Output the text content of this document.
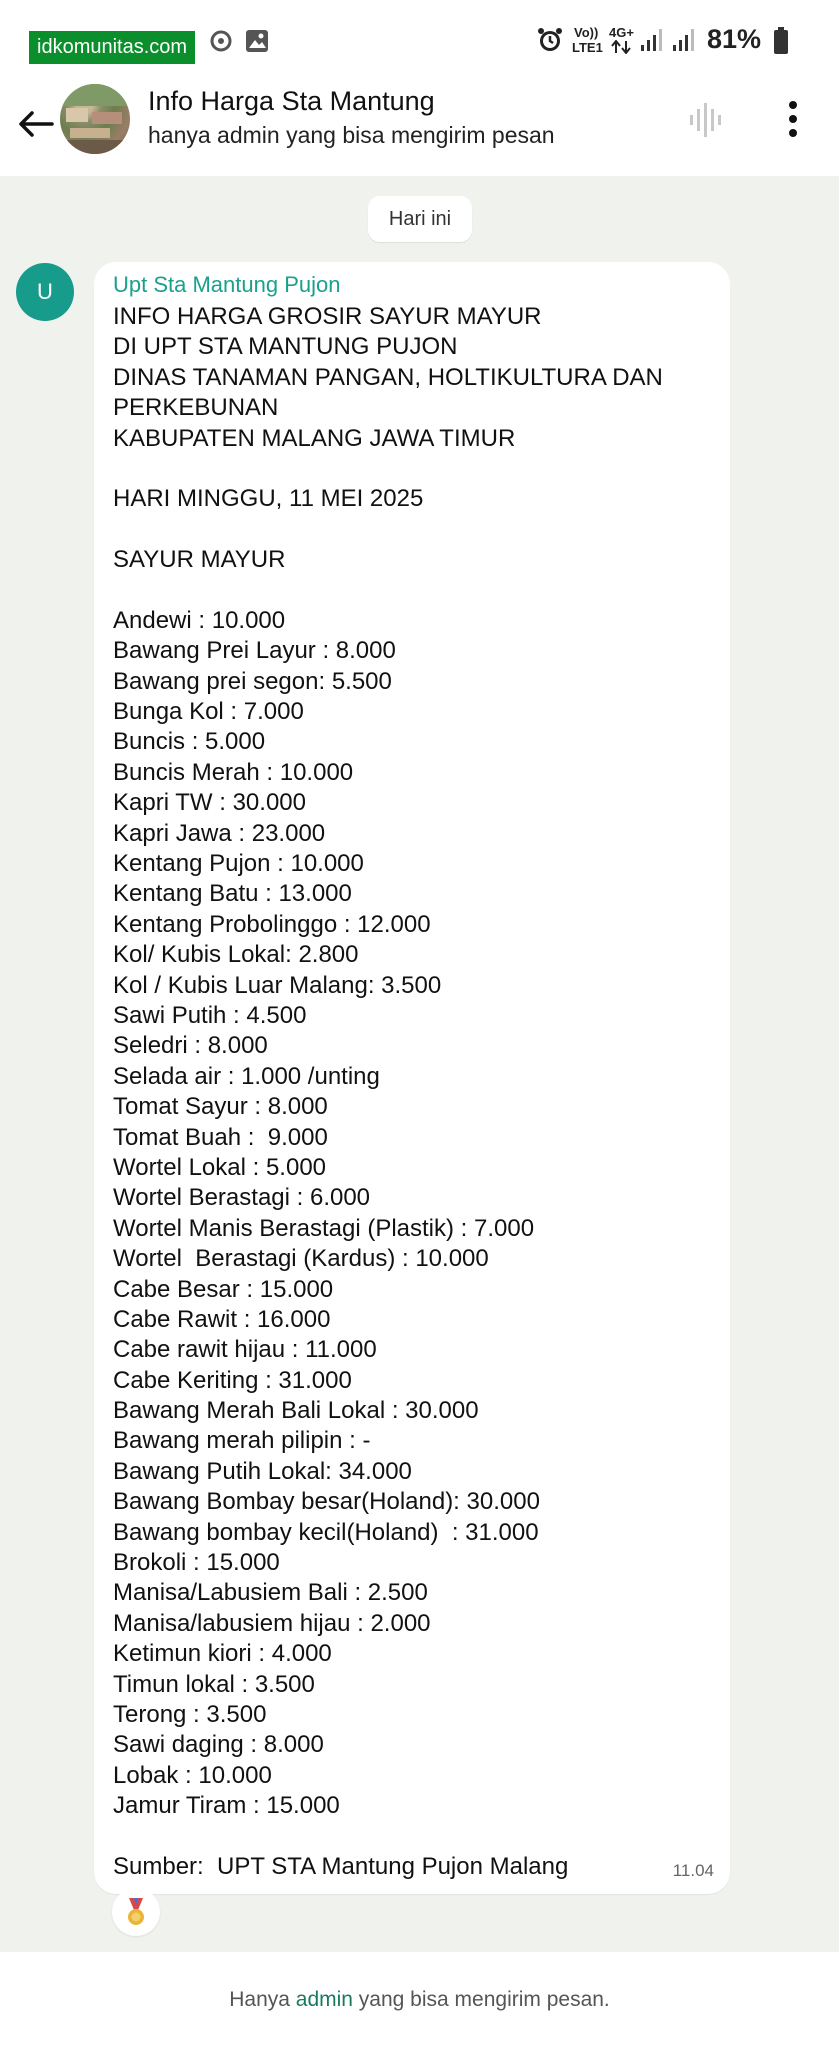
idkomunitas.com
Vo))
LTE1
4G+	81%
Info Harga Sta Mantung
hanya admin yang bisa mengirim pesan
Hari ini
U	Upt Sta Mantung Pujon
INFO HARGA GROSIR SAYUR MAYUR
DI UPT STA MANTUNG PUJON
DINAS TANAMAN PANGAN, HOLTIKULTURA DAN
PERKEBUNAN
KABUPATEN MALANG JAWA TIMUR
HARI MINGGU, 11 MEI 2025
SAYUR MAYUR
Andewi : 10.000
Bawang Prei Layur : 8.000
Bawang prei segon: 5.500
Bunga Kol : 7.000
Buncis : 5.000
Buncis Merah : 10.000
Kapri TW : 30.000
Kapri Jawa : 23.000
Kentang Pujon : 10.000
Kentang Batu : 13.000
Kentang Probolinggo : 12.000
Kol/ Kubis Lokal: 2.800
Kol / Kubis Luar Malang: 3.500
Sawi Putih : 4.500
Seledri : 8.000
Selada air : 1.000 /unting
Tomat Sayur : 8.000
Tomat Buah :  9.000
Wortel Lokal : 5.000
Wortel Berastagi : 6.000
Wortel Manis Berastagi (Plastik) : 7.000
Wortel  Berastagi (Kardus) : 10.000
Cabe Besar : 15.000
Cabe Rawit : 16.000
Cabe rawit hijau : 11.000
Cabe Keriting : 31.000
Bawang Merah Bali Lokal : 30.000
Bawang merah pilipin : -
Bawang Putih Lokal: 34.000
Bawang Bombay besar(Holand): 30.000
Bawang bombay kecil(Holand)  : 31.000
Brokoli : 15.000
Manisa/Labusiem Bali : 2.500
Manisa/labusiem hijau : 2.000
Ketimun kiori : 4.000
Timun lokal : 3.500
Terong : 3.500
Sawi daging : 8.000
Lobak : 10.000
Jamur Tiram : 15.000
Sumber:  UPT STA Mantung Pujon Malang	11.04
Hanya admin yang bisa mengirim pesan.
